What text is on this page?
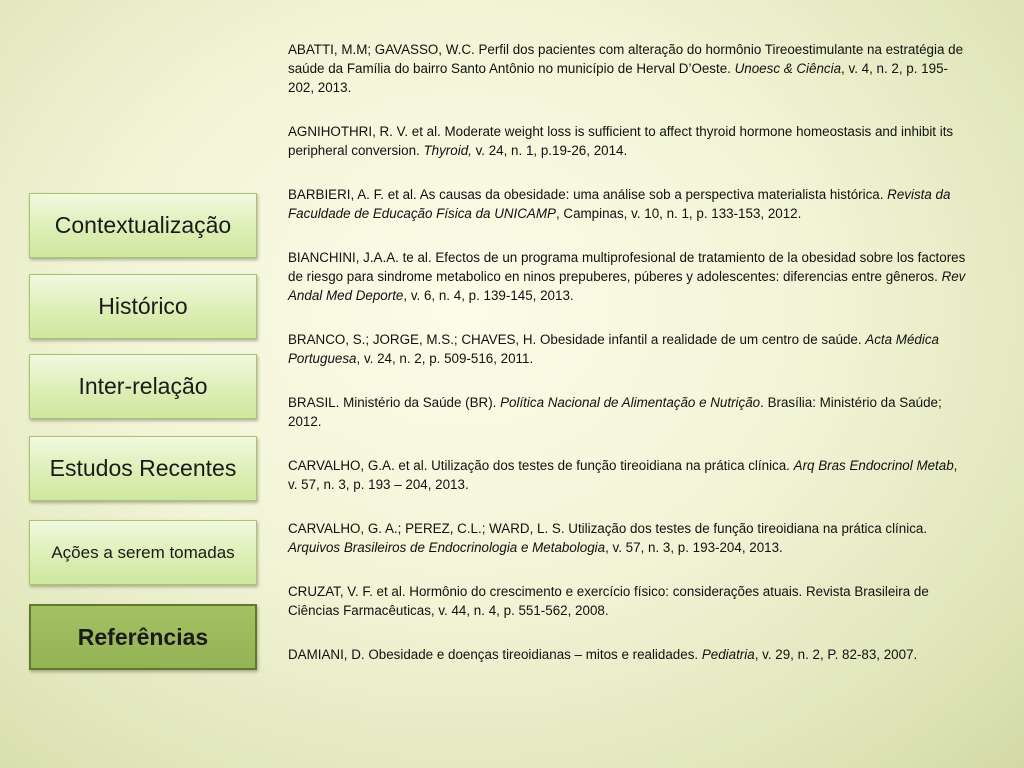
Contextualização
Histórico
Inter-relação
Estudos Recentes
Ações a serem tomadas
Referências

ABATTI, M.M; GAVASSO, W.C. Perfil dos pacientes com alteração do hormônio Tireoestimulante na estratégia de saúde da Família do bairro Santo Antônio no município de Herval D’Oeste. Unoesc & Ciência, v. 4, n. 2, p. 195-202, 2013.

AGNIHOTHRI, R. V. et al. Moderate weight loss is sufficient to affect thyroid hormone homeostasis and inhibit its peripheral conversion. Thyroid, v. 24, n. 1, p.19-26, 2014.

BARBIERI, A. F. et al. As causas da obesidade: uma análise sob a perspectiva materialista histórica. Revista da Faculdade de Educação Física da UNICAMP, Campinas, v. 10, n. 1, p. 133-153, 2012.

BIANCHINI, J.A.A. te al. Efectos de un programa multiprofesional de tratamiento de la obesidad sobre los factores de riesgo para sindrome metabolico en ninos prepuberes, púberes y adolescentes: diferencias entre gêneros. Rev Andal Med Deporte, v. 6, n. 4, p. 139-145, 2013.

BRANCO, S.; JORGE, M.S.; CHAVES, H. Obesidade infantil a realidade de um centro de saúde. Acta Médica Portuguesa, v. 24, n. 2, p. 509-516, 2011.

BRASIL. Ministério da Saúde (BR). Política Nacional de Alimentação e Nutrição. Brasília: Ministério da Saúde; 2012.

CARVALHO, G.A. et al. Utilização dos testes de função tireoidiana na prática clínica. Arq Bras Endocrinol Metab, v. 57, n. 3, p. 193 – 204, 2013.

CARVALHO, G. A.; PEREZ, C.L.; WARD, L. S. Utilização dos testes de função tireoidiana na prática clínica. Arquivos Brasileiros de Endocrinologia e Metabologia, v. 57, n. 3, p. 193-204, 2013.

CRUZAT, V. F. et al. Hormônio do crescimento e exercício físico: considerações atuais. Revista Brasileira de Ciências Farmacêuticas, v. 44, n. 4, p. 551-562, 2008.

DAMIANI, D. Obesidade e doenças tireoidianas – mitos e realidades. Pediatria, v. 29, n. 2, P. 82-83, 2007.
